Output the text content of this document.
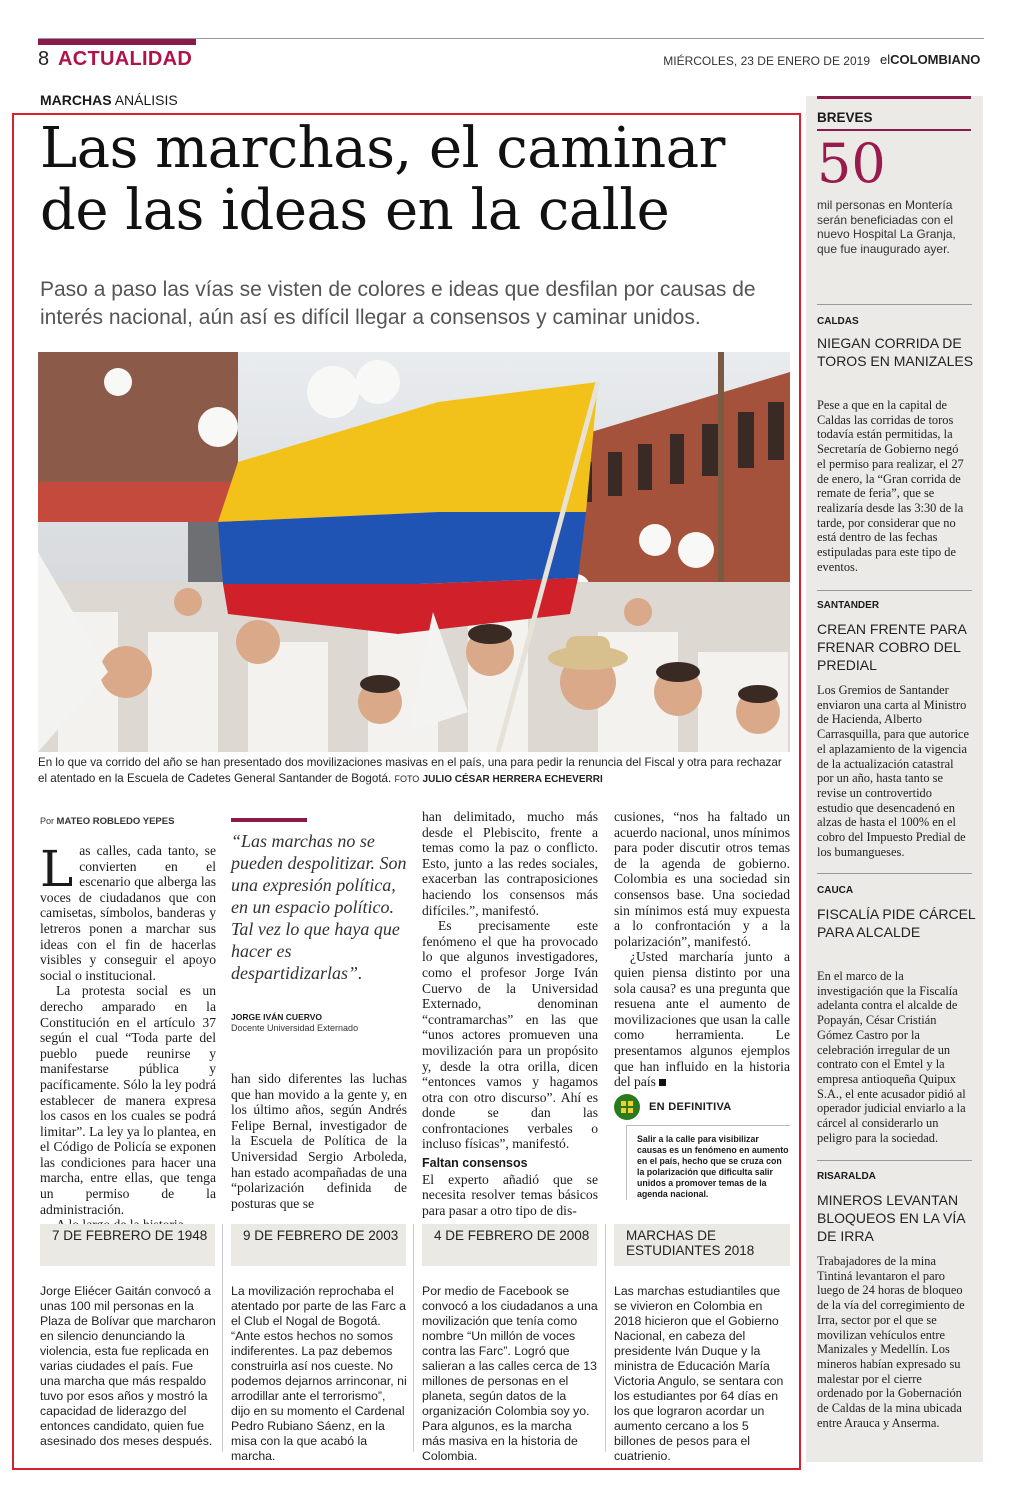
8 ACTUALIDAD	MIÉRCOLES, 23 DE ENERO DE 2019 elCOLOMBIANO
MARCHAS ANÁLISIS
Las marchas, el caminar de las ideas en la calle
Paso a paso las vías se visten de colores e ideas que desfilan por causas de interés nacional, aún así es difícil llegar a consensos y caminar unidos.
En lo que va corrido del año se han presentado dos movilizaciones masivas en el país, una para pedir la renuncia del Fiscal y otra para rechazar el atentado en la Escuela de Cadetes General Santander de Bogotá. FOTO JULIO CÉSAR HERRERA ECHEVERRI
Por MATEO ROBLEDO YEPES

Las calles, cada tanto, se convierten en el escenario que alberga las voces de ciudadanos que con camisetas, símbolos, banderas y letreros ponen a marchar sus ideas con el fin de hacerlas visibles y conseguir el apoyo social o institucional.

La protesta social es un derecho amparado en la Constitución en el artículo 37 según el cual “Toda parte del pueblo puede reunirse y manifestarse pública y pacíficamente. Sólo la ley podrá establecer de manera expresa los casos en los cuales se podrá limitar”. La ley ya lo plantea, en el Código de Policía se exponen las condiciones para hacer una marcha, entre ellas, que tenga un permiso de la administración.

“Las marchas no se pueden despolitizar. Son una expresión política, en un espacio político. Tal vez lo que haya que hacer es despartidizarlas”.
JORGE IVÁN CUERVO
Docente Universidad Externado

han sido diferentes las luchas que han movido a la gente y, en los último años, según Andrés Felipe Bernal, investigador de la Escuela de Política de la Universidad Sergio Arboleda, han estado acompañadas de una “polarización definida de posturas que se

han delimitado, mucho más desde el Plebiscito, frente a temas como la paz o conflicto. Esto, junto a las redes sociales, exacerban las contraposiciones haciendo los consensos más difíciles.”, manifestó.

Es precisamente este fenómeno el que ha provocado lo que algunos investigadores, como el profesor Jorge Iván Cuervo de la Universidad Externado, denominan “contramarchas” en las que “unos actores promueven una movilización para un propósito y, desde la otra orilla, dicen “entonces vamos y hagamos otra con otro discurso”. Ahí es donde se dan las confrontaciones verbales o incluso físicas”, manifestó.

Faltan consensos

El experto añadió que se necesita resolver temas básicos para pasar a otro tipo de dis-

cusiones, “nos ha faltado un acuerdo nacional, unos mínimos para poder discutir otros temas de la agenda de gobierno. Colombia es una sociedad sin consensos base. Una sociedad sin mínimos está muy expuesta a lo confrontación y a la polarización”, manifestó.

¿Usted marcharía junto a quien piensa distinto por una sola causa? es una pregunta que resuena ante el aumento de movilizaciones que usan la calle como herramienta. Le presentamos algunos ejemplos que han influido en la historia del país

EN DEFINITIVA
Salir a la calle para visibilizar causas es un fenómeno en aumento en el país, hecho que se cruza con la polarización que dificulta salir unidos a promover temas de la agenda nacional.
7 DE FEBRERO DE 1948
Jorge Eliécer Gaitán convocó a unas 100 mil personas en la Plaza de Bolívar que marcharon en silencio denunciando la violencia, esta fue replicada en varias ciudades el país. Fue una marcha que más respaldo tuvo por esos años y mostró la capacidad de liderazgo del entonces candidato, quien fue asesinado dos meses después.
9 DE FEBRERO DE 2003
La movilización reprochaba el atentado por parte de las Farc a el Club el Nogal de Bogotá. “Ante estos hechos no somos indiferentes. La paz debemos construirla así nos cueste. No podemos dejarnos arrinconar, ni arrodillar ante el terrorismo”, dijo en su momento el Cardenal Pedro Rubiano Sáenz, en la misa con la que acabó la marcha.
4 DE FEBRERO DE 2008
Por medio de Facebook se convocó a los ciudadanos a una movilización que tenía como nombre “Un millón de voces contra las Farc”. Logró que salieran a las calles cerca de 13 millones de personas en el planeta, según datos de la organización Colombia soy yo. Para algunos, es la marcha más masiva en la historia de Colombia.
MARCHAS DE ESTUDIANTES 2018
Las marchas estudiantiles que se vivieron en Colombia en 2018 hicieron que el Gobierno Nacional, en cabeza del presidente Iván Duque y la ministra de Educación María Victoria Angulo, se sentara con los estudiantes por 64 días en los que lograron acordar un aumento cercano a los 5 billones de pesos para el cuatrienio.
BREVES
50
mil personas en Montería serán beneficiadas con el nuevo Hospital La Granja, que fue inaugurado ayer.
CALDAS
NIEGAN CORRIDA DE TOROS EN MANIZALES
Pese a que en la capital de Caldas las corridas de toros todavía están permitidas, la Secretaría de Gobierno negó el permiso para realizar, el 27 de enero, la “Gran corrida de remate de feria”, que se realizaría desde las 3:30 de la tarde, por considerar que no está dentro de las fechas estipuladas para este tipo de eventos.
SANTANDER
CREAN FRENTE PARA FRENAR COBRO DEL PREDIAL
Los Gremios de Santander enviaron una carta al Ministro de Hacienda, Alberto Carrasquilla, para que autorice el aplazamiento de la vigencia de la actualización catastral por un año, hasta tanto se revise un controvertido estudio que desencadenó en alzas de hasta el 100% en el cobro del Impuesto Predial de los bumangueses.
CAUCA
FISCALÍA PIDE CÁRCEL PARA ALCALDE
En el marco de la investigación que la Fiscalía adelanta contra el alcalde de Popayán, César Cristián Gómez Castro por la celebración irregular de un contrato con el Emtel y la empresa antioqueña Quipux S.A., el ente acusador pidió al operador judicial enviarlo a la cárcel al considerarlo un peligro para la sociedad.
RISARALDA
MINEROS LEVANTAN BLOQUEOS EN LA VÍA DE IRRA
Trabajadores de la mina Tintiná levantaron el paro luego de 24 horas de bloqueo de la vía del corregimiento de Irra, sector por el que se movilizan vehículos entre Manizales y Medellín. Los mineros habían expresado su malestar por el cierre ordenado por la Gobernación de Caldas de la mina ubicada entre Arauca y Anserma.
